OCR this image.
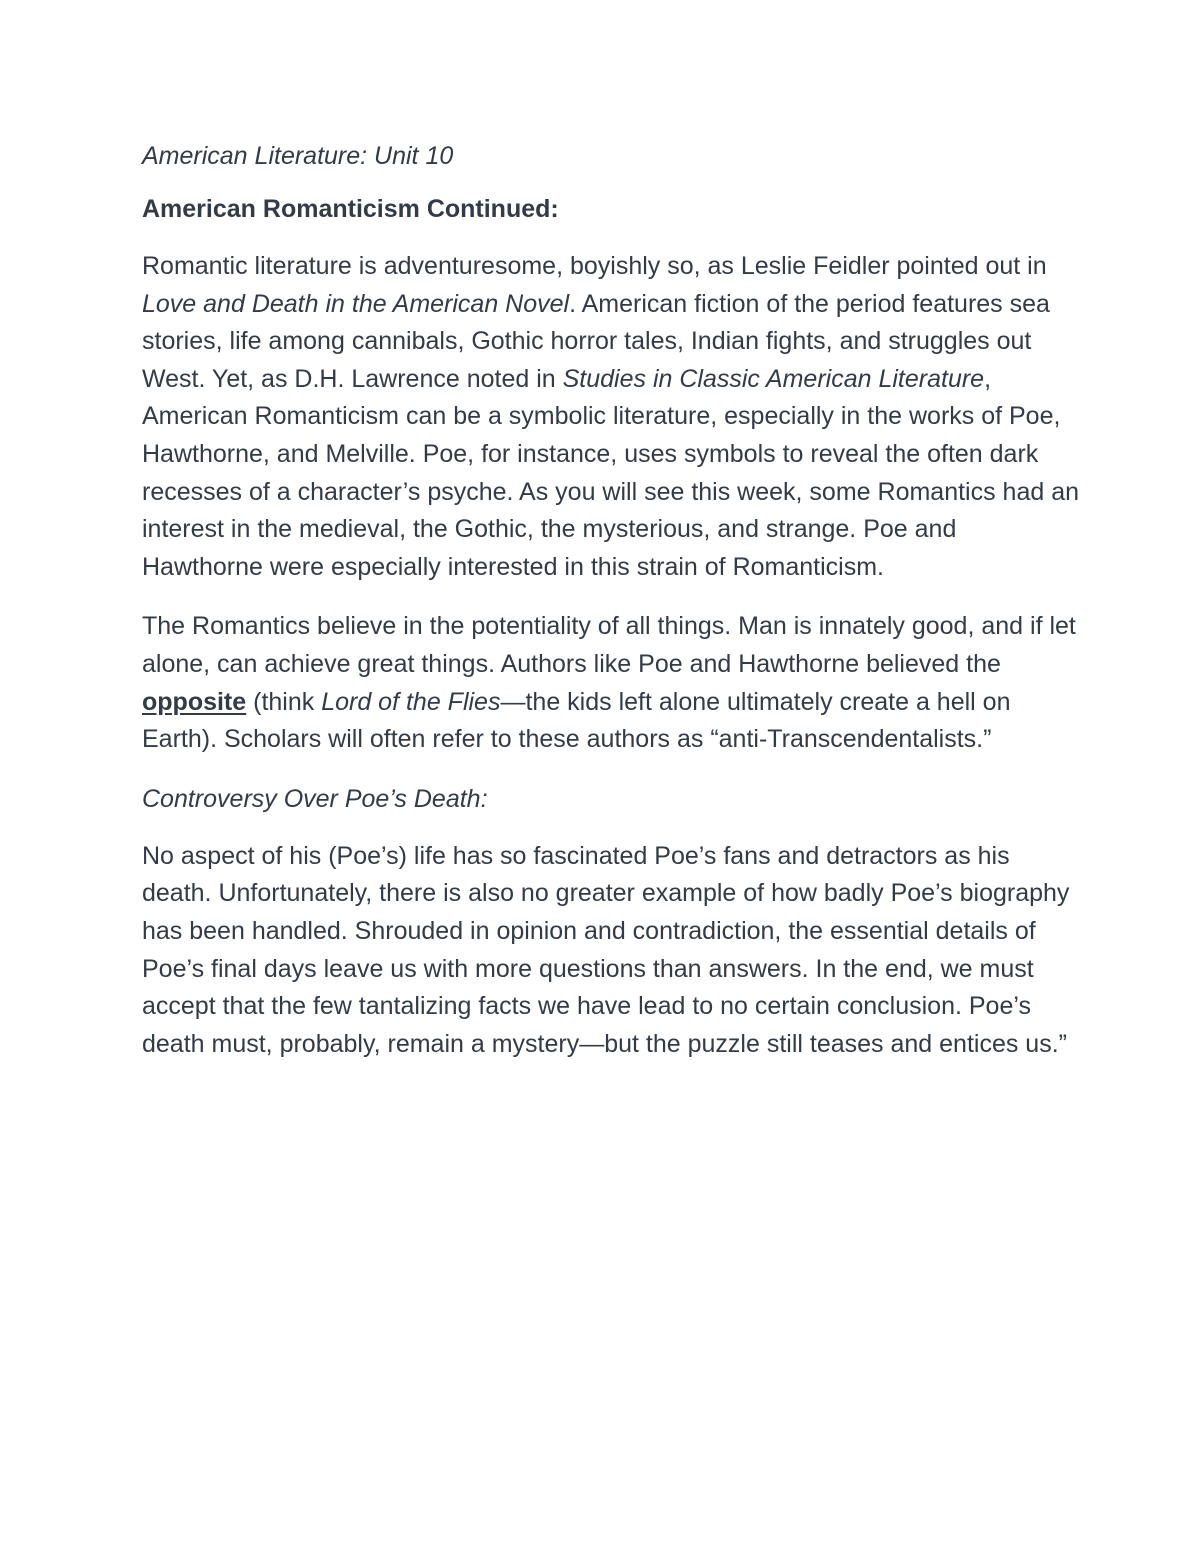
American Literature: Unit 10
American Romanticism Continued:

Romantic literature is adventuresome, boyishly so, as Leslie Feidler pointed out in Love and Death in the American Novel. American fiction of the period features sea stories, life among cannibals, Gothic horror tales, Indian fights, and struggles out West. Yet, as D.H. Lawrence noted in Studies in Classic American Literature, American Romanticism can be a symbolic literature, especially in the works of Poe, Hawthorne, and Melville. Poe, for instance, uses symbols to reveal the often dark recesses of a character’s psyche. As you will see this week, some Romantics had an interest in the medieval, the Gothic, the mysterious, and strange. Poe and Hawthorne were especially interested in this strain of Romanticism.

The Romantics believe in the potentiality of all things. Man is innately good, and if let alone, can achieve great things. Authors like Poe and Hawthorne believed the opposite (think Lord of the Flies—the kids left alone ultimately create a hell on Earth). Scholars will often refer to these authors as “anti-Transcendentalists.”

Controversy Over Poe’s Death:

No aspect of his (Poe’s) life has so fascinated Poe’s fans and detractors as his death. Unfortunately, there is also no greater example of how badly Poe’s biography has been handled. Shrouded in opinion and contradiction, the essential details of Poe’s final days leave us with more questions than answers. In the end, we must accept that the few tantalizing facts we have lead to no certain conclusion. Poe’s death must, probably, remain a mystery—but the puzzle still teases and entices us.”
